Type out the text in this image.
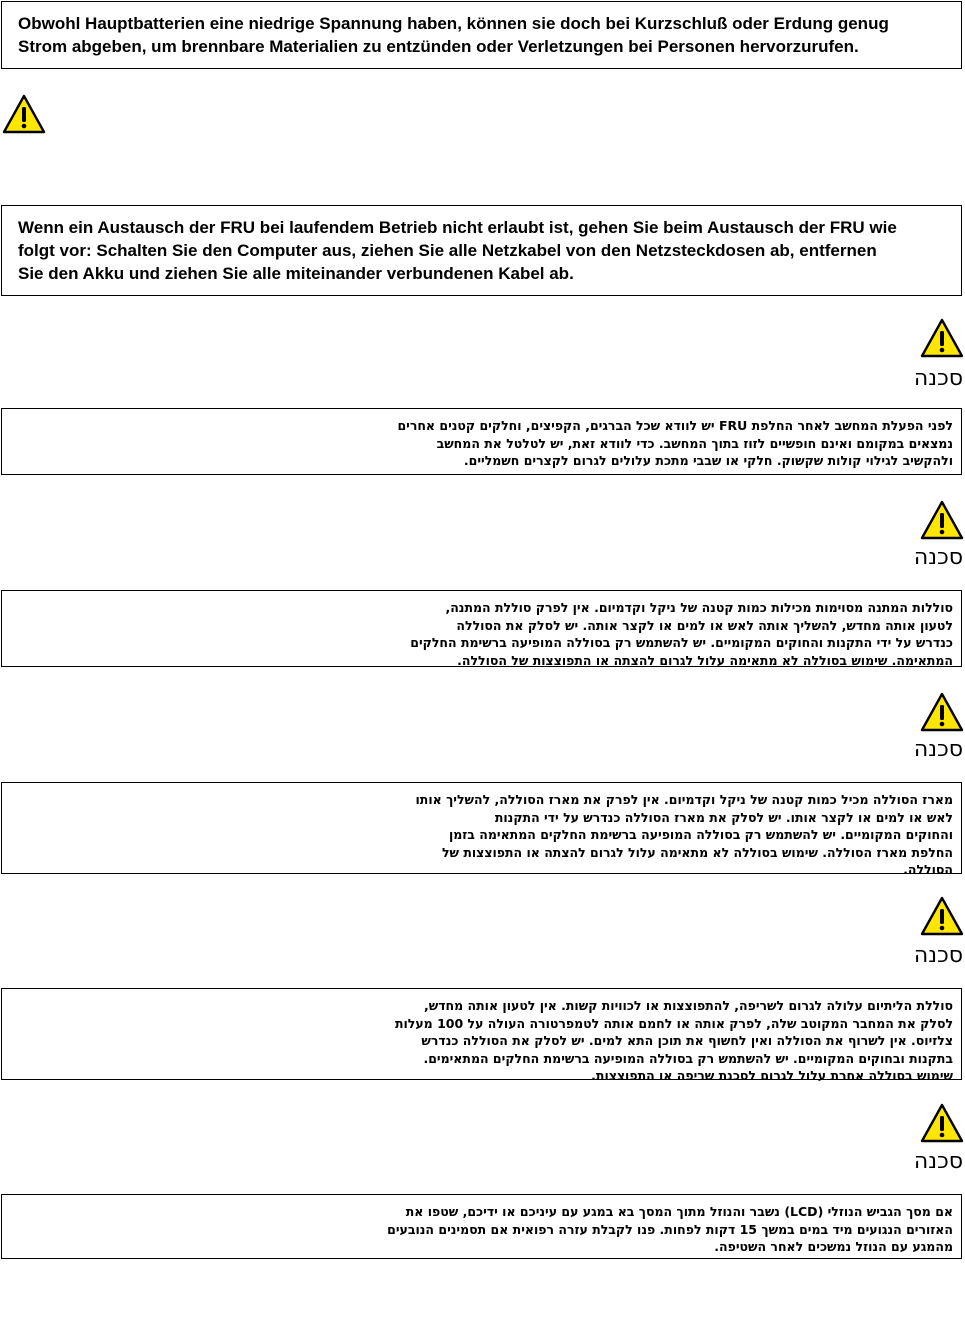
Obwohl Hauptbatterien eine niedrige Spannung haben, können sie doch bei Kurzschluß oder Erdung genug
Strom abgeben, um brennbare Materialien zu entzünden oder Verletzungen bei Personen hervorzurufen.
Wenn ein Austausch der FRU bei laufendem Betrieb nicht erlaubt ist, gehen Sie beim Austausch der FRU wie
folgt vor: Schalten Sie den Computer aus, ziehen Sie alle Netzkabel von den Netzsteckdosen ab, entfernen
Sie den Akku und ziehen Sie alle miteinander verbundenen Kabel ab.
סכנה
לפני הפעלת המחשב לאחר החלפת FRU יש לוודא שכל הברגים, הקפיצים, וחלקים קטנים אחרים
נמצאים במקומם ואינם חופשיים לזוז בתוך המחשב. כדי לוודא זאת, יש לטלטל את המחשב
ולהקשיב לגילוי קולות שקשוק. חלקי או שבבי מתכת עלולים לגרום לקצרים חשמליים.
סכנה
סוללות המתנה מסוימות מכילות כמות קטנה של ניקל וקדמיום. אין לפרק סוללת המתנה,
לטעון אותה מחדש, להשליך אותה לאש או למים או לקצר אותה. יש לסלק את הסוללה
כנדרש על ידי התקנות והחוקים המקומיים. יש להשתמש רק בסוללה המופיעה ברשימת החלקים
המתאימה. שימוש בסוללה לא מתאימה עלול לגרום להצתה או התפוצצות של הסוללה.
סכנה
מארז הסוללה מכיל כמות קטנה של ניקל וקדמיום. אין לפרק את מארז הסוללה, להשליך אותו
לאש או למים או לקצר אותו. יש לסלק את מארז הסוללה כנדרש על ידי התקנות
והחוקים המקומיים. יש להשתמש רק בסוללה המופיעה ברשימת החלקים המתאימה בזמן
החלפת מארז הסוללה. שימוש בסוללה לא מתאימה עלול לגרום להצתה או התפוצצות של
הסוללה.
סכנה
סוללת הליתיום עלולה לגרום לשריפה, להתפוצצות או לכוויות קשות. אין לטעון אותה מחדש,
לסלק את המחבר המקוטב שלה, לפרק אותה או לחמם אותה לטמפרטורה העולה על 100 מעלות
צלזיוס. אין לשרוף את הסוללה ואין לחשוף את תוכן התא למים. יש לסלק את הסוללה כנדרש
בתקנות ובחוקים המקומיים. יש להשתמש רק בסוללה המופיעה ברשימת החלקים המתאימים.
שימוש בסוללה אחרת עלול לגרום לסכנת שריפה או התפוצצות.
סכנה
אם מסך הגביש הנוזלי (LCD) נשבר והנוזל מתוך המסך בא במגע עם עיניכם או ידיכם, שטפו את
האזורים הנגועים מיד במים במשך 15 דקות לפחות. פנו לקבלת עזרה רפואית אם תסמינים הנובעים
מהמגע עם הנוזל נמשכים לאחר השטיפה.
